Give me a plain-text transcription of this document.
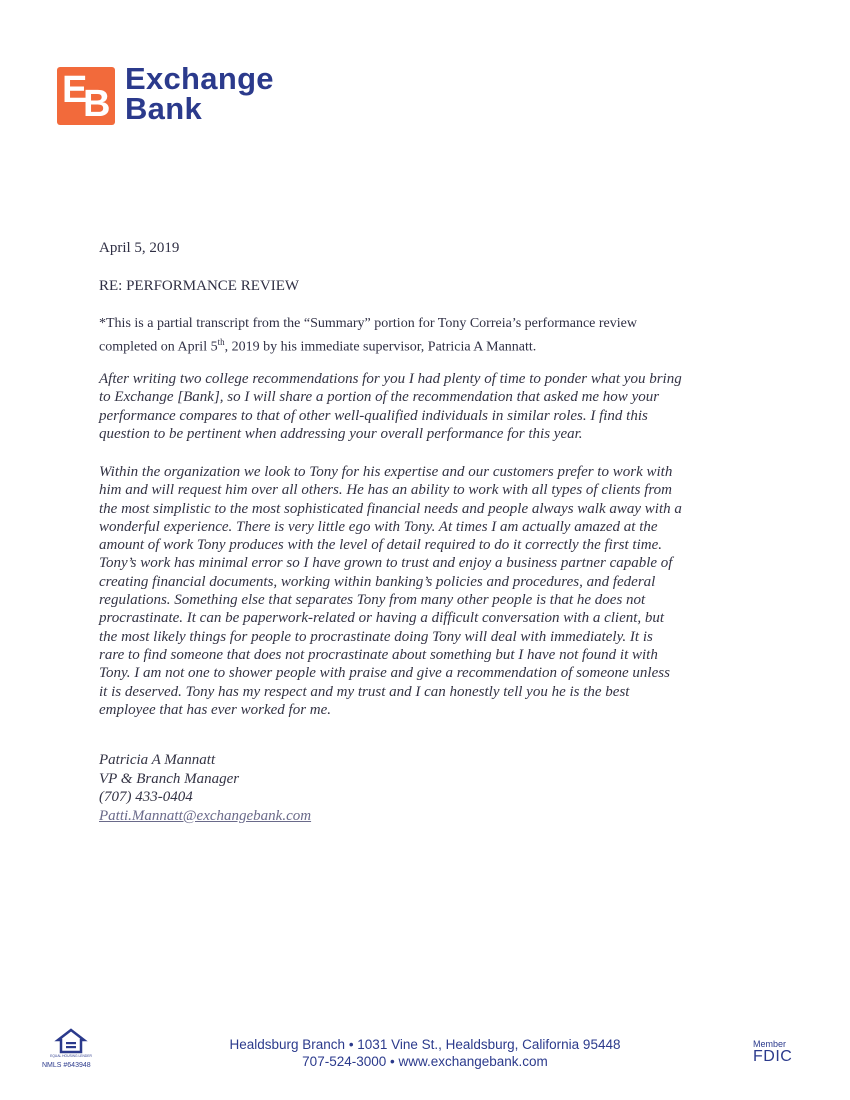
E
B
Exchange
Bank
April 5, 2019
RE: PERFORMANCE REVIEW
*This is a partial transcript from the “Summary” portion for Tony Correia’s performance review
completed on April 5th, 2019 by his immediate supervisor, Patricia A Mannatt.
After writing two college recommendations for you I had plenty of time to ponder what you bring
to Exchange [Bank], so I will share a portion of the recommendation that asked me how your
performance compares to that of other well-qualified individuals in similar roles. I find this
question to be pertinent when addressing your overall performance for this year.
Within the organization we look to Tony for his expertise and our customers prefer to work with
him and will request him over all others. He has an ability to work with all types of clients from
the most simplistic to the most sophisticated financial needs and people always walk away with a
wonderful experience. There is very little ego with Tony. At times I am actually amazed at the
amount of work Tony produces with the level of detail required to do it correctly the first time.
Tony’s work has minimal error so I have grown to trust and enjoy a business partner capable of
creating financial documents, working within banking’s policies and procedures, and federal
regulations. Something else that separates Tony from many other people is that he does not
procrastinate. It can be paperwork-related or having a difficult conversation with a client, but
the most likely things for people to procrastinate doing Tony will deal with immediately. It is
rare to find someone that does not procrastinate about something but I have not found it with
Tony. I am not one to shower people with praise and give a recommendation of someone unless
it is deserved. Tony has my respect and my trust and I can honestly tell you he is the best
employee that has ever worked for me.
Patricia A Mannatt
VP & Branch Manager
(707) 433-0404
Patti.Mannatt@exchangebank.com
EQUAL HOUSING LENDER
NMLS #643948
Healdsburg Branch • 1031 Vine St., Healdsburg, California 95448
707-524-3000 • www.exchangebank.com
Member
FDIC
